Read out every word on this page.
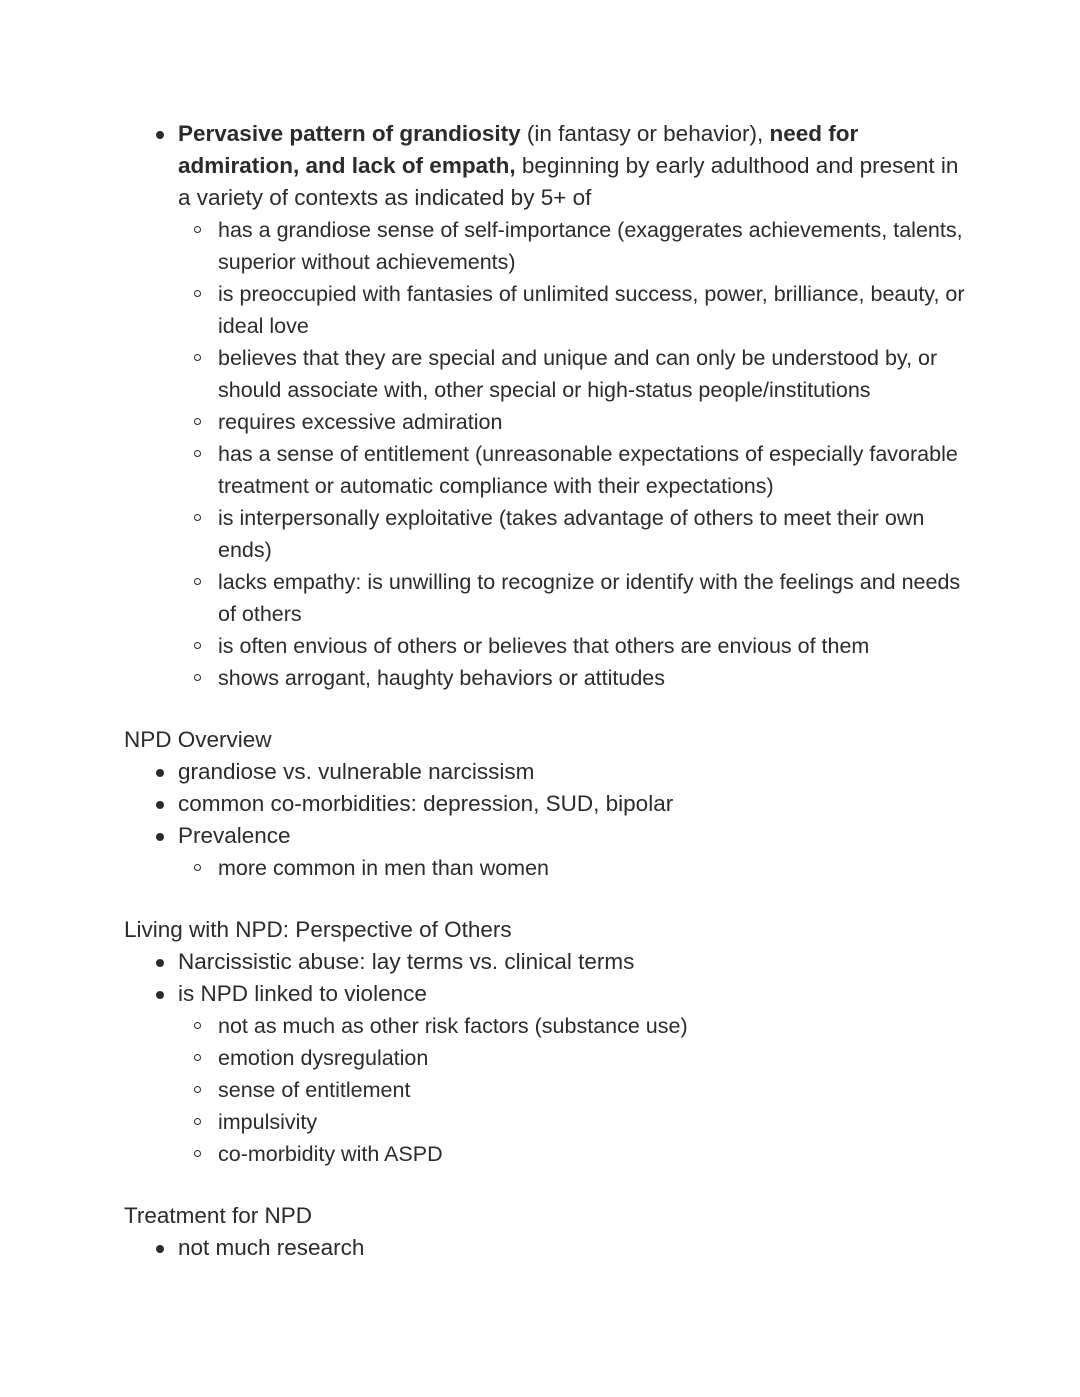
Pervasive pattern of grandiosity (in fantasy or behavior), need for admiration, and lack of empath, beginning by early adulthood and present in a variety of contexts as indicated by 5+ of
has a grandiose sense of self-importance (exaggerates achievements, talents, superior without achievements)
is preoccupied with fantasies of unlimited success, power, brilliance, beauty, or ideal love
believes that they are special and unique and can only be understood by, or should associate with, other special or high-status people/institutions
requires excessive admiration
has a sense of entitlement (unreasonable expectations of especially favorable treatment or automatic compliance with their expectations)
is interpersonally exploitative (takes advantage of others to meet their own ends)
lacks empathy: is unwilling to recognize or identify with the feelings and needs of others
is often envious of others or believes that others are envious of them
shows arrogant, haughty behaviors or attitudes

NPD Overview

grandiose vs. vulnerable narcissism
common co-morbidities: depression, SUD, bipolar
Prevalence
more common in men than women

Living with NPD: Perspective of Others

Narcissistic abuse: lay terms vs. clinical terms
is NPD linked to violence
not as much as other risk factors (substance use)
emotion dysregulation
sense of entitlement
impulsivity
co-morbidity with ASPD

Treatment for NPD

not much research
